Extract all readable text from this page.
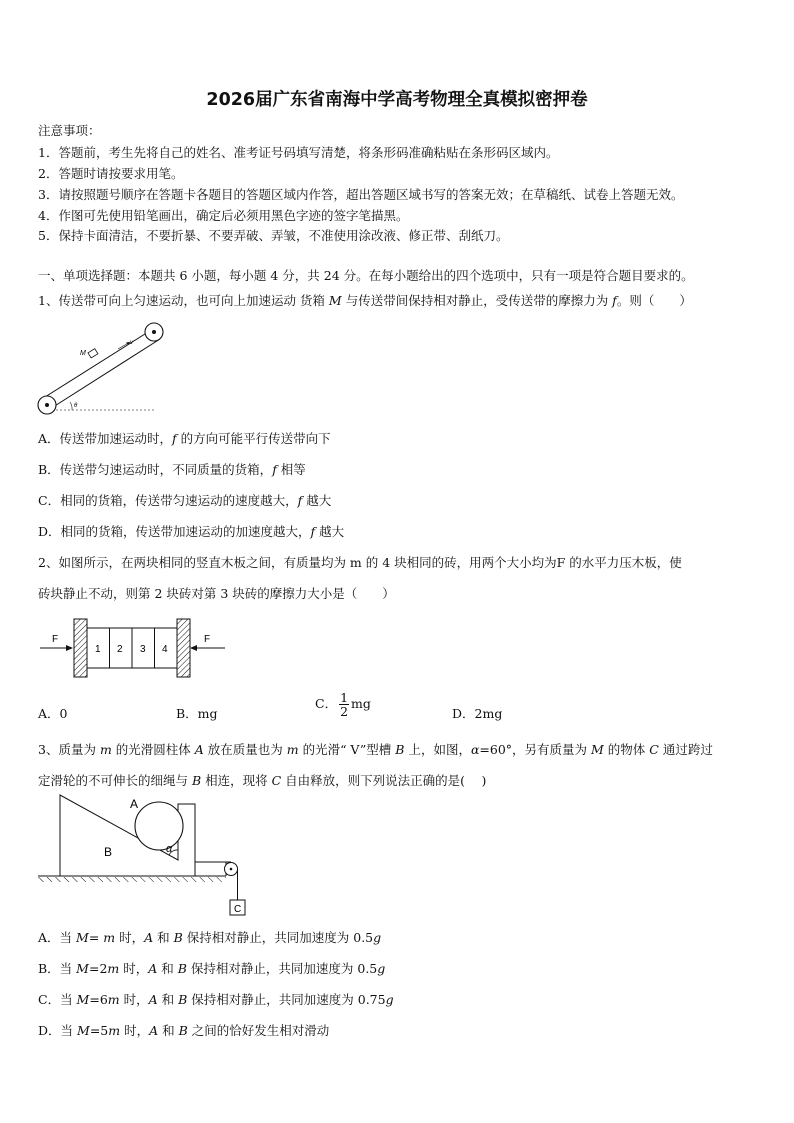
2026届广东省南海中学高考物理全真模拟密押卷
注意事项：
1．答题前，考生先将自己的姓名、准考证号码填写清楚，将条形码准确粘贴在条形码区域内。
2．答题时请按要求用笔。
3．请按照题号顺序在答题卡各题目的答题区域内作答，超出答题区域书写的答案无效；在草稿纸、试卷上答题无效。
4．作图可先使用铅笔画出，确定后必须用黑色字迹的签字笔描黑。
5．保持卡面清洁，不要折暴、不要弄破、弄皱，不准使用涂改液、修正带、刮纸刀。
一、单项选择题：本题共 6 小题，每小题 4 分，共 24 分。在每小题给出的四个选项中，只有一项是符合题目要求的。
1、传送带可向上匀速运动，也可向上加速运动 货箱 M 与传送带间保持相对静止，受传送带的摩擦力为 f。则（　　）
M
v
θ
A．传送带加速运动时，f 的方向可能平行传送带向下
B．传送带匀速运动时，不同质量的货箱，f 相等
C．相同的货箱，传送带匀速运动的速度越大，f 越大
D．相同的货箱，传送带加速运动的加速度越大，f 越大
2、如图所示，在两块相同的竖直木板之间，有质量均为 m 的 4 块相同的砖，用两个大小均为F 的水平力压木板，使
砖块静止不动，则第 2 块砖对第 3 块砖的摩擦力大小是（　　）
F
1 2 3 4
F
A．0	B．mg
C． $\frac{1}{2}$ mg
D．2mg
3、质量为 m 的光滑圆柱体 A 放在质量也为 m 的光滑“ V”型槽 B 上，如图，α=60°，另有质量为 M 的物体 C 通过跨过
定滑轮的不可伸长的细绳与 B 相连，现将 C 自由释放，则下列说法正确的是(　 )
A
B	α
C
A．当 M= m 时，A 和 B 保持相对静止，共同加速度为 0.5g
B．当 M=2m 时，A 和 B 保持相对静止，共同加速度为 0.5g
C．当 M=6m 时，A 和 B 保持相对静止，共同加速度为 0.75g
D．当 M=5m 时，A 和 B 之间的恰好发生相对滑动
